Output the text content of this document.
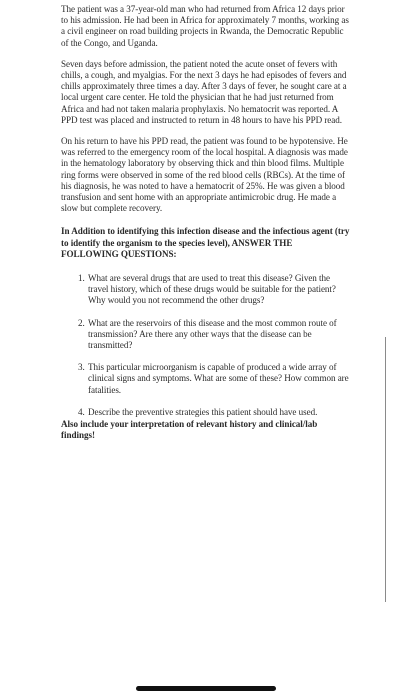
The patient was a 37-year-old man who had returned from Africa 12 days prior to his admission. He had been in Africa for approximately 7 months, working as a civil engineer on road building projects in Rwanda, the Democratic Republic of the Congo, and Uganda.

Seven days before admission, the patient noted the acute onset of fevers with chills, a cough, and myalgias. For the next 3 days he had episodes of fevers and chills approximately three times a day. After 3 days of fever, he sought care at a local urgent care center. He told the physician that he had just returned from Africa and had not taken malaria prophylaxis. No hematocrit was reported. A PPD test was placed and instructed to return in 48 hours to have his PPD read.

On his return to have his PPD read, the patient was found to be hypotensive. He was referred to the emergency room of the local hospital. A diagnosis was made in the hematology laboratory by observing thick and thin blood films. Multiple ring forms were observed in some of the red blood cells (RBCs). At the time of his diagnosis, he was noted to have a hematocrit of 25%. He was given a blood transfusion and sent home with an appropriate antimicrobic drug. He made a slow but complete recovery.

In Addition to identifying this infection disease and the infectious agent (try to identify the organism to the species level), ANSWER THE FOLLOWING QUESTIONS:

1. What are several drugs that are used to treat this disease? Given the travel history, which of these drugs would be suitable for the patient? Why would you not recommend the other drugs?
2. What are the reservoirs of this disease and the most common route of transmission? Are there any other ways that the disease can be transmitted?
3. This particular microorganism is capable of produced a wide array of clinical signs and symptoms. What are some of these? How common are fatalities.
4. Describe the preventive strategies this patient should have used.

Also include your interpretation of relevant history and clinical/lab findings!
